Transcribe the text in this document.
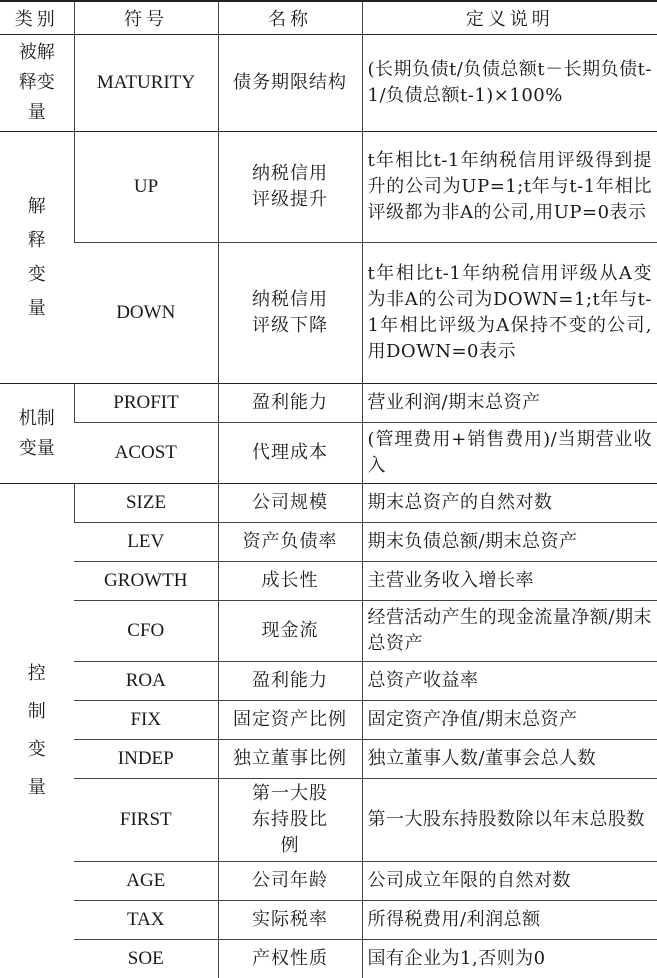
类别	符号	名称	定义说明
被解释变量	MATURITY	债务期限结构	(长期负债t/负债总额t－长期负债t-1/负债总额t-1)×100%
解释变量	UP	纳税信用评级提升	t年相比t-1年纳税信用评级得到提升的公司为UP=1;t年与t-1年相比评级都为非A的公司,用UP=0表示
	DOWN	纳税信用评级下降	t年相比t-1年纳税信用评级从A变为非A的公司为DOWN=1;t年与t-1年相比评级为A保持不变的公司,用DOWN=0表示
机制变量	PROFIT	盈利能力	营业利润/期末总资产
	ACOST	代理成本	(管理费用+销售费用)/当期营业收入
控制变量	SIZE	公司规模	期末总资产的自然对数
	LEV	资产负债率	期末负债总额/期末总资产
	GROWTH	成长性	主营业务收入增长率
	CFO	现金流	经营活动产生的现金流量净额/期末总资产
	ROA	盈利能力	总资产收益率
	FIX	固定资产比例	固定资产净值/期末总资产
	INDEP	独立董事比例	独立董事人数/董事会总人数
	FIRST	第一大股东持股比例	第一大股东持股数除以年末总股数
	AGE	公司年龄	公司成立年限的自然对数
	TAX	实际税率	所得税费用/利润总额
	SOE	产权性质	国有企业为1,否则为0
